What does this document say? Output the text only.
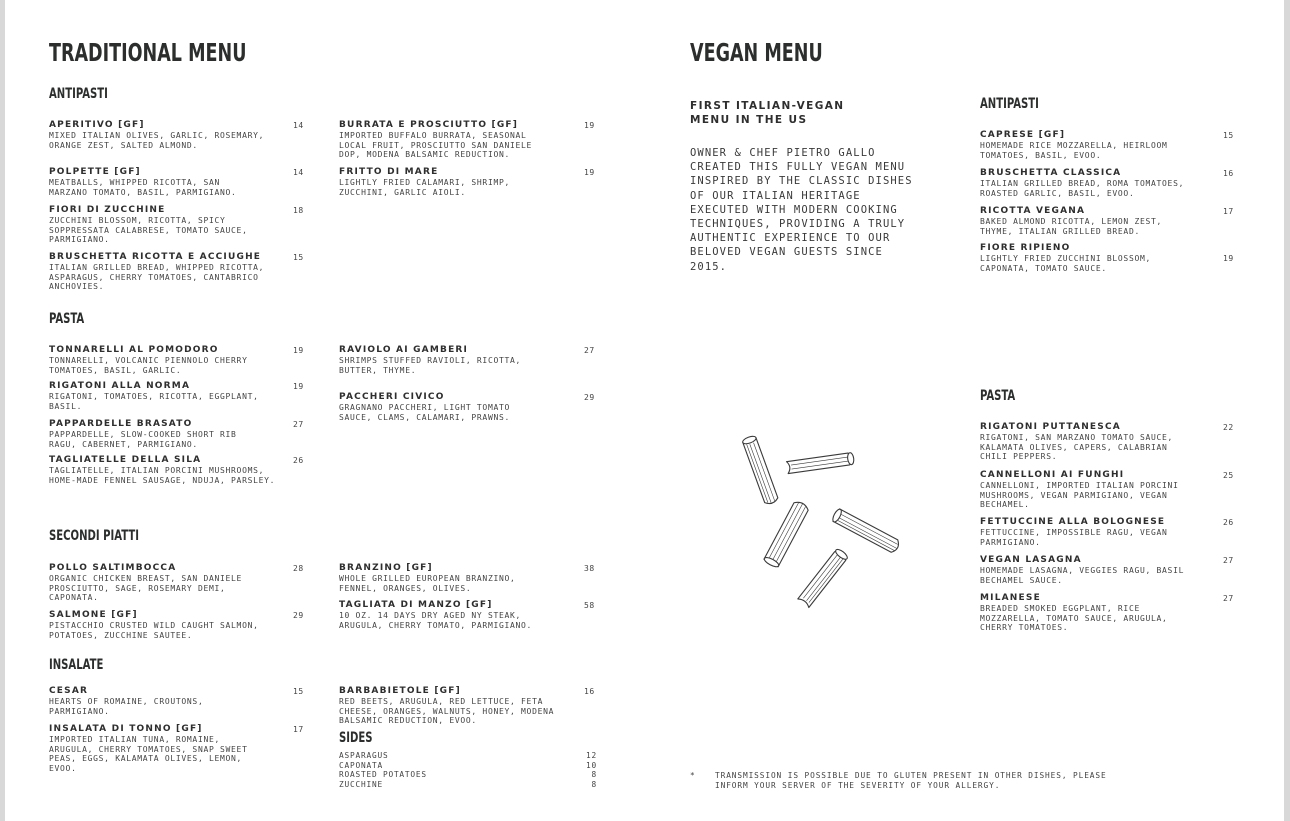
TRADITIONAL MENU
ANTIPASTI
APERITIVO [GF]
MIXED ITALIAN OLIVES, GARLIC, ROSEMARY, ORANGE ZEST, SALTED ALMOND.
14
POLPETTE [GF]
MEATBALLS, WHIPPED RICOTTA, SAN MARZANO TOMATO, BASIL, PARMIGIANO.
14
FIORI DI ZUCCHINE
ZUCCHINI BLOSSOM, RICOTTA, SPICY SOPPRESSATA CALABRESE, TOMATO SAUCE, PARMIGIANO.
18
BRUSCHETTA RICOTTA E ACCIUGHE
ITALIAN GRILLED BREAD, WHIPPED RICOTTA, ASPARAGUS, CHERRY TOMATOES, CANTABRICO ANCHOVIES.
15
BURRATA E PROSCIUTTO [GF]
IMPORTED BUFFALO BURRATA, SEASONAL LOCAL FRUIT, PROSCIUTTO SAN DANIELE DOP, MODENA BALSAMIC REDUCTION.
19
FRITTO DI MARE
LIGHTLY FRIED CALAMARI, SHRIMP, ZUCCHINI, GARLIC AIOLI.
19
PASTA
TONNARELLI AL POMODORO
TONNARELLI, VOLCANIC PIENNOLO CHERRY TOMATOES, BASIL, GARLIC.
19
RIGATONI ALLA NORMA
RIGATONI, TOMATOES, RICOTTA, EGGPLANT, BASIL.
19
PAPPARDELLE BRASATO
PAPPARDELLE, SLOW-COOKED SHORT RIB RAGU, CABERNET, PARMIGIANO.
27
TAGLIATELLE DELLA SILA
TAGLIATELLE, ITALIAN PORCINI MUSHROOMS, HOME-MADE FENNEL SAUSAGE, NDUJA, PARSLEY.
26
RAVIOLO AI GAMBERI
SHRIMPS STUFFED RAVIOLI, RICOTTA, BUTTER, THYME.
27
PACCHERI CIVICO
GRAGNANO PACCHERI, LIGHT TOMATO SAUCE, CLAMS, CALAMARI, PRAWNS.
29
SECONDI PIATTI
POLLO SALTIMBOCCA
ORGANIC CHICKEN BREAST, SAN DANIELE PROSCIUTTO, SAGE, ROSEMARY DEMI, CAPONATA.
28
SALMONE [GF]
PISTACCHIO CRUSTED WILD CAUGHT SALMON, POTATOES, ZUCCHINE SAUTEE.
29
BRANZINO [GF]
WHOLE GRILLED EUROPEAN BRANZINO, FENNEL, ORANGES, OLIVES.
38
TAGLIATA DI MANZO [GF]
10 OZ. 14 DAYS DRY AGED NY STEAK, ARUGULA, CHERRY TOMATO, PARMIGIANO.
58
INSALATE
CESAR
HEARTS OF ROMAINE, CROUTONS, PARMIGIANO.
15
INSALATA DI TONNO [GF]
IMPORTED ITALIAN TUNA, ROMAINE, ARUGULA, CHERRY TOMATOES, SNAP SWEET PEAS, EGGS, KALAMATA OLIVES, LEMON, EVOO.
17
BARBABIETOLE [GF]
RED BEETS, ARUGULA, RED LETTUCE, FETA CHEESE, ORANGES, WALNUTS, HONEY, MODENA BALSAMIC REDUCTION, EVOO.
16
SIDES
ASPARAGUS	12
CAPONATA	10
ROASTED POTATOES	8
ZUCCHINE	8
VEGAN MENU
FIRST ITALIAN-VEGAN MENU IN THE US
OWNER & CHEF PIETRO GALLO CREATED THIS FULLY VEGAN MENU INSPIRED BY THE CLASSIC DISHES OF OUR ITALIAN HERITAGE EXECUTED WITH MODERN COOKING TECHNIQUES, PROVIDING A TRULY AUTHENTIC EXPERIENCE TO OUR BELOVED VEGAN GUESTS SINCE 2015.
ANTIPASTI
CAPRESE [GF]
HOMEMADE RICE MOZZARELLA, HEIRLOOM TOMATOES, BASIL, EVOO.
15
BRUSCHETTA CLASSICA
ITALIAN GRILLED BREAD, ROMA TOMATOES, ROASTED GARLIC, BASIL, EVOO.
16
RICOTTA VEGANA
BAKED ALMOND RICOTTA, LEMON ZEST, THYME, ITALIAN GRILLED BREAD.
17
FIORE RIPIENO
LIGHTLY FRIED ZUCCHINI BLOSSOM, CAPONATA, TOMATO SAUCE.
19
PASTA
RIGATONI PUTTANESCA
RIGATONI, SAN MARZANO TOMATO SAUCE, KALAMATA OLIVES, CAPERS, CALABRIAN CHILI PEPPERS.
22
CANNELLONI AI FUNGHI
CANNELLONI, IMPORTED ITALIAN PORCINI MUSHROOMS, VEGAN PARMIGIANO, VEGAN BECHAMEL.
25
FETTUCCINE ALLA BOLOGNESE
FETTUCCINE, IMPOSSIBLE RAGU, VEGAN PARMIGIANO.
26
VEGAN LASAGNA
HOMEMADE LASAGNA, VEGGIES RAGU, BASIL BECHAMEL SAUCE.
27
MILANESE
BREADED SMOKED EGGPLANT, RICE MOZZARELLA, TOMATO SAUCE, ARUGULA, CHERRY TOMATOES.
27
* TRANSMISSION IS POSSIBLE DUE TO GLUTEN PRESENT IN OTHER DISHES, PLEASE INFORM YOUR SERVER OF THE SEVERITY OF YOUR ALLERGY.
